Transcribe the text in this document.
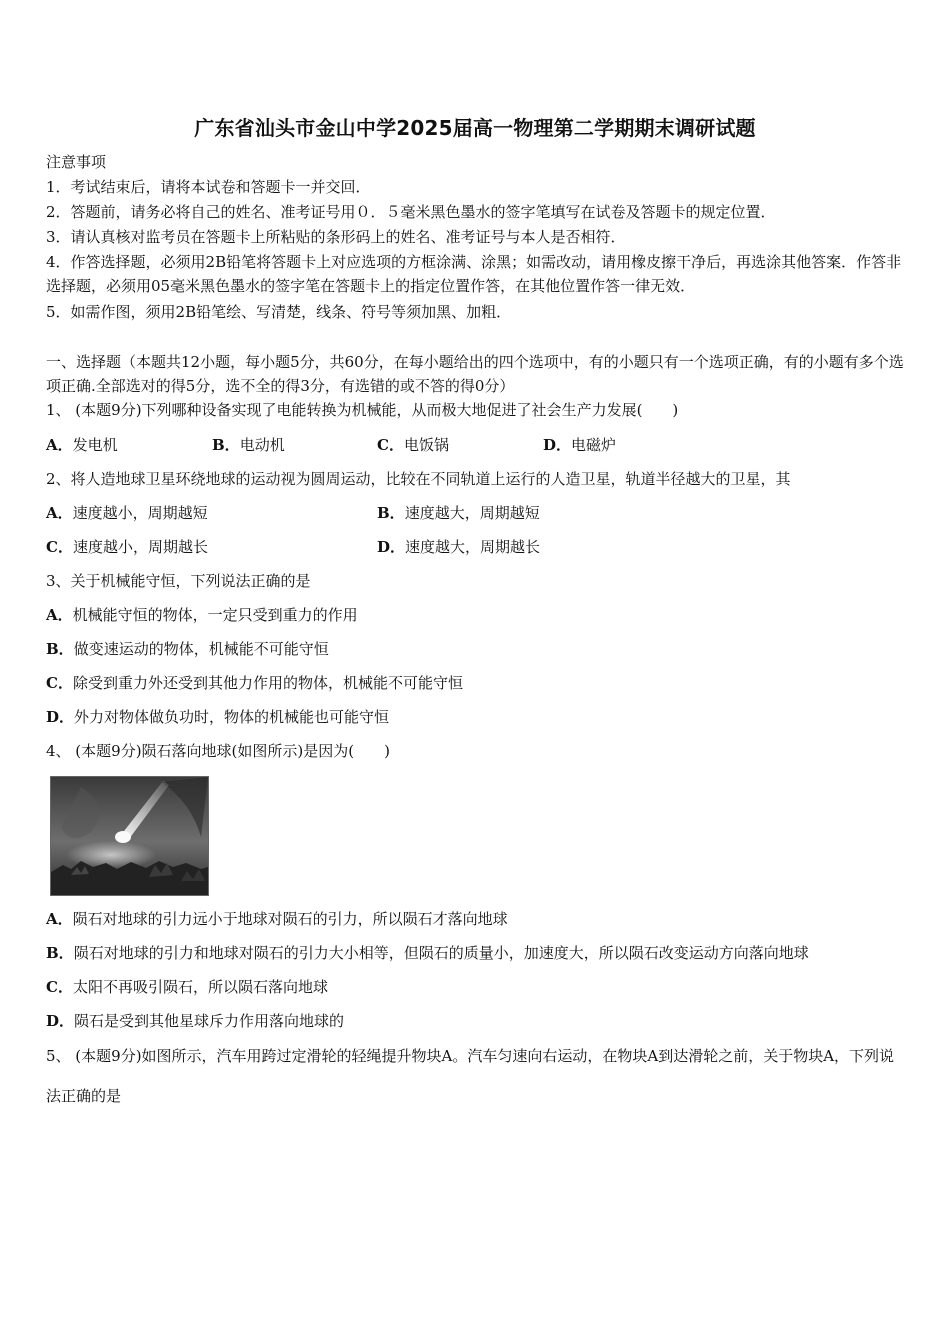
广东省汕头市金山中学2025届高一物理第二学期期末调研试题
注意事项
1．考试结束后，请将本试卷和答题卡一并交回．
2．答题前，请务必将自己的姓名、准考证号用０．５毫米黑色墨水的签字笔填写在试卷及答题卡的规定位置．
3．请认真核对监考员在答题卡上所粘贴的条形码上的姓名、准考证号与本人是否相符．
4．作答选择题，必须用2B铅笔将答题卡上对应选项的方框涂满、涂黑；如需改动，请用橡皮擦干净后，再选涂其他答案．作答非选择题，必须用05毫米黑色墨水的签字笔在答题卡上的指定位置作答，在其他位置作答一律无效．
5．如需作图，须用2B铅笔绘、写清楚，线条、符号等须加黑、加粗．
一、选择题（本题共12小题，每小题5分，共60分，在每小题给出的四个选项中，有的小题只有一个选项正确，有的小题有多个选项正确.全部选对的得5分，选不全的得3分，有选错的或不答的得0分）
1、 (本题9分)下列哪种设备实现了电能转换为机械能，从而极大地促进了社会生产力发展(　　)
A．发电机	B．电动机	C．电饭锅	D．电磁炉
2、将人造地球卫星环绕地球的运动视为圆周运动，比较在不同轨道上运行的人造卫星，轨道半径越大的卫星，其
A．速度越小，周期越短	B．速度越大，周期越短
C．速度越小，周期越长	D．速度越大，周期越长
3、关于机械能守恒，下列说法正确的是
A．机械能守恒的物体，一定只受到重力的作用
B．做变速运动的物体，机械能不可能守恒
C．除受到重力外还受到其他力作用的物体，机械能不可能守恒
D．外力对物体做负功时，物体的机械能也可能守恒
4、 (本题9分)陨石落向地球(如图所示)是因为(　　)
A．陨石对地球的引力远小于地球对陨石的引力，所以陨石才落向地球
B．陨石对地球的引力和地球对陨石的引力大小相等，但陨石的质量小，加速度大，所以陨石改变运动方向落向地球
C．太阳不再吸引陨石，所以陨石落向地球
D．陨石是受到其他星球斥力作用落向地球的
5、 (本题9分)如图所示，汽车用跨过定滑轮的轻绳提升物块A。汽车匀速向右运动，在物块A到达滑轮之前，关于物块A，下列说法正确的是
